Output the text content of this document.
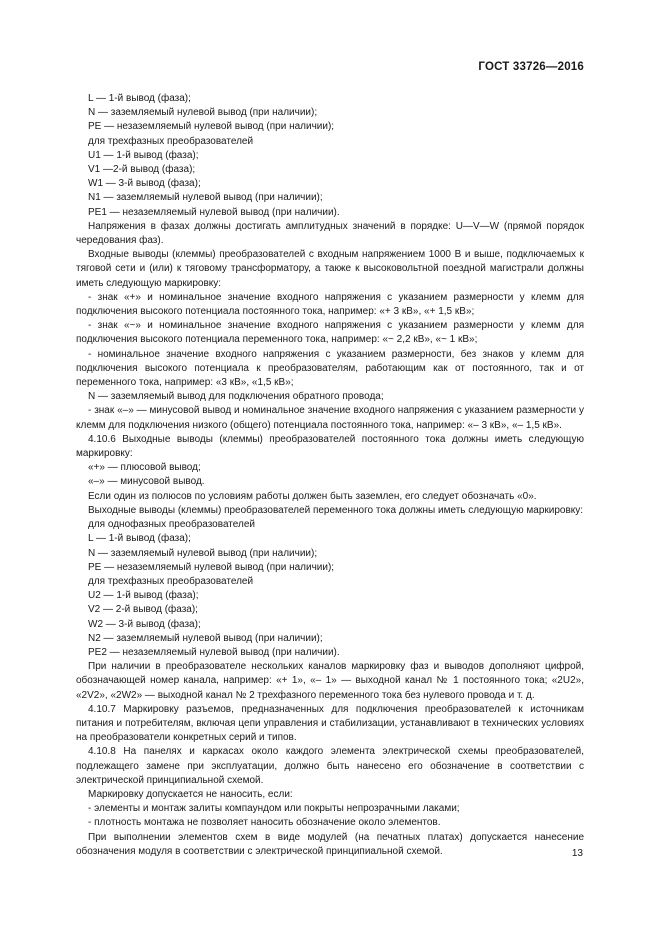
ГОСТ 33726—2016

L — 1-й вывод (фаза);

N — заземляемый нулевой вывод (при наличии);

PE — незаземляемый нулевой вывод (при наличии);

для трехфазных преобразователей

U1 — 1-й вывод (фаза);

V1 —2-й вывод (фаза);

W1 — 3-й вывод (фаза);

N1 — заземляемый нулевой вывод (при наличии);

PE1 — незаземляемый нулевой вывод (при наличии).

Напряжения в фазах должны достигать амплитудных значений в порядке: U—V—W (прямой порядок чередования фаз).

Входные выводы (клеммы) преобразователей с входным напряжением 1000 В и выше, подключаемых к тяговой сети и (или) к тяговому трансформатору, а также к высоковольтной поездной магистрали должны иметь следующую маркировку:

- знак «+» и номинальное значение входного напряжения с указанием размерности у клемм для подключения высокого потенциала постоянного тока, например: «+ 3 кВ», «+ 1,5 кВ»;

- знак «~» и номинальное значение входного напряжения с указанием размерности у клемм для подключения высокого потенциала переменного тока, например: «~ 2,2 кВ», «~ 1 кВ»;

- номинальное значение входного напряжения с указанием размерности, без знаков у клемм для подключения высокого потенциала к преобразователям, работающим как от постоянного, так и от переменного тока, например: «3 кВ», «1,5 кВ»;

N — заземляемый вывод для подключения обратного провода;

- знак «–» — минусовой вывод и номинальное значение входного напряжения с указанием размерности у клемм для подключения низкого (общего) потенциала постоянного тока, например: «– 3 кВ», «– 1,5 кВ».

4.10.6 Выходные выводы (клеммы) преобразователей постоянного тока должны иметь следующую маркировку:

«+» — плюсовой вывод;

«–» — минусовой вывод.

Если один из полюсов по условиям работы должен быть заземлен, его следует обозначать «0».

Выходные выводы (клеммы) преобразователей переменного тока должны иметь следующую маркировку:

для однофазных преобразователей

L — 1-й вывод (фаза);

N — заземляемый нулевой вывод (при наличии);

PE — незаземляемый нулевой вывод (при наличии);

для трехфазных преобразователей

U2 — 1-й вывод (фаза);

V2 — 2-й вывод (фаза);

W2 — 3-й вывод (фаза);

N2 — заземляемый нулевой вывод (при наличии);

PE2 — незаземляемый нулевой вывод (при наличии).

При наличии в преобразователе нескольких каналов маркировку фаз и выводов дополняют цифрой, обозначающей номер канала, например: «+ 1», «– 1» — выходной канал № 1 постоянного тока; «2U2», «2V2», «2W2» — выходной канал № 2 трехфазного переменного тока без нулевого провода и т. д.

4.10.7 Маркировку разъемов, предназначенных для подключения преобразователей к источникам питания и потребителям, включая цепи управления и стабилизации, устанавливают в технических условиях на преобразователи конкретных серий и типов.

4.10.8 На панелях и каркасах около каждого элемента электрической схемы преобразователей, подлежащего замене при эксплуатации, должно быть нанесено его обозначение в соответствии с электрической принципиальной схемой.

Маркировку допускается не наносить, если:

- элементы и монтаж залиты компаундом или покрыты непрозрачными лаками;

- плотность монтажа не позволяет наносить обозначение около элементов.

При выполнении элементов схем в виде модулей (на печатных платах) допускается нанесение обозначения модуля в соответствии с электрической принципиальной схемой.	13
